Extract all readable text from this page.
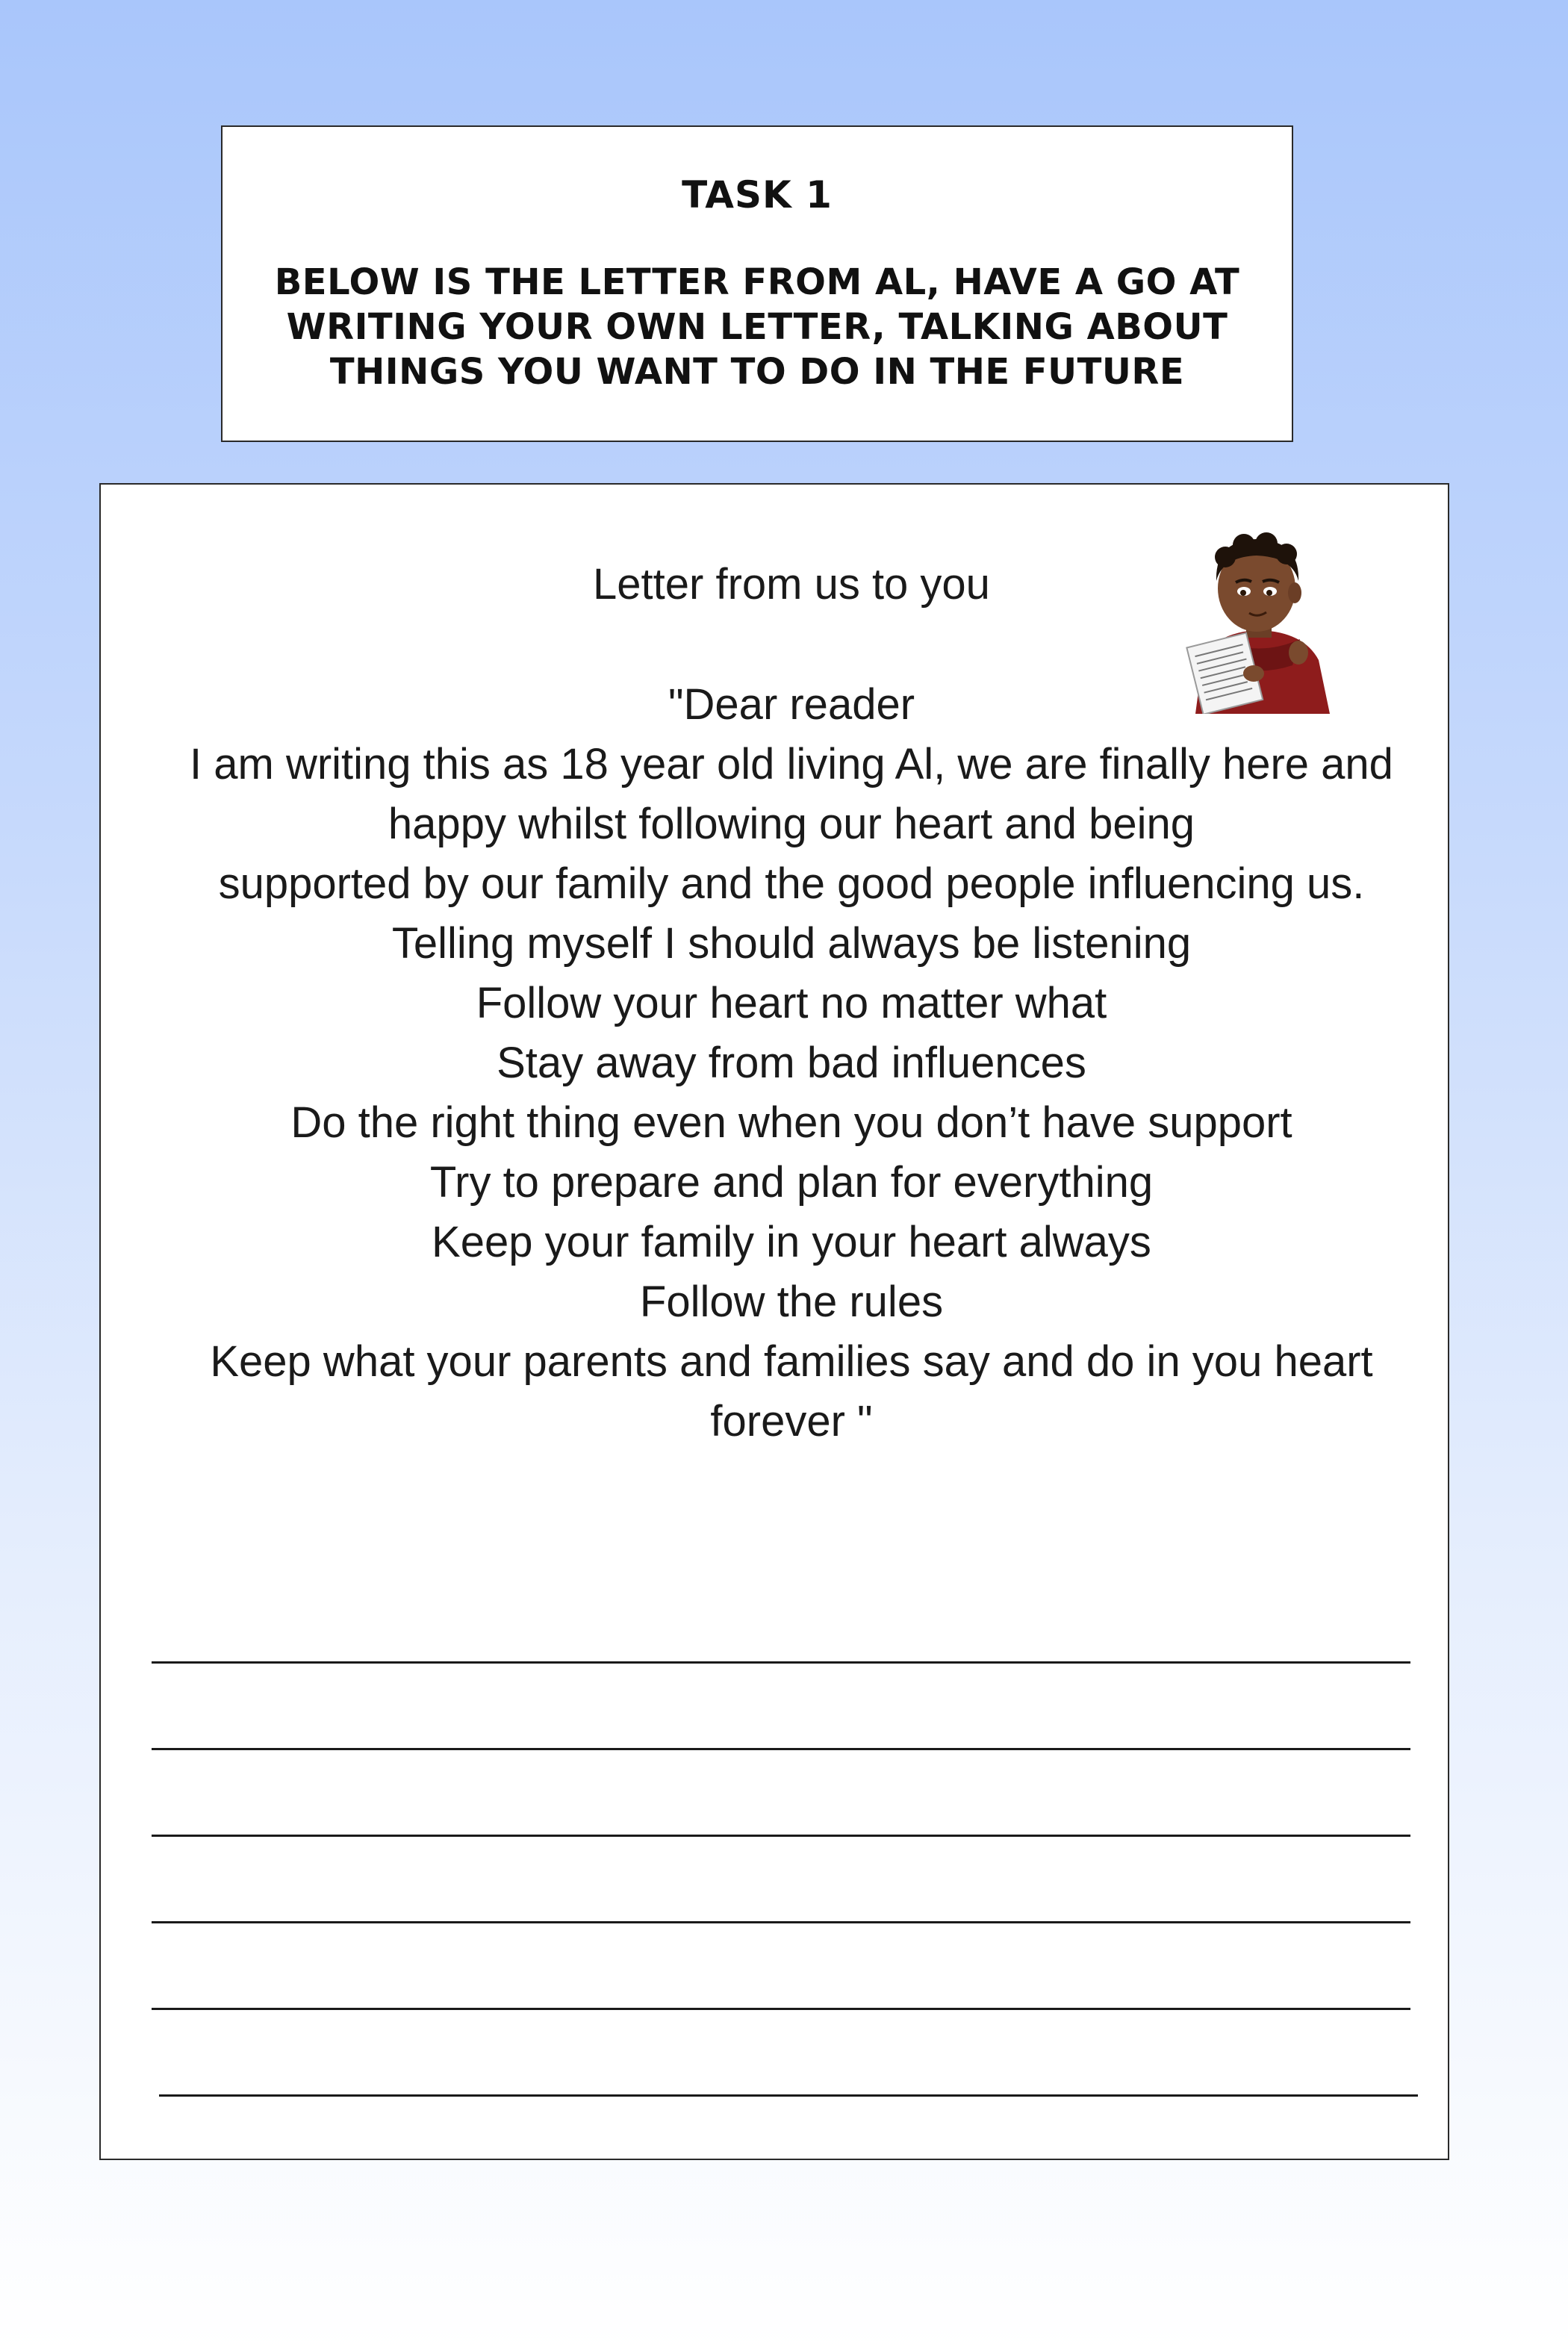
TASK 1
BELOW IS THE LETTER FROM AL, HAVE A GO AT
WRITING YOUR OWN LETTER, TALKING ABOUT
THINGS YOU WANT TO DO IN THE FUTURE
Letter from us to you
"Dear reader
I am writing this as 18 year old living Al, we are finally here and
happy whilst following our heart and being
supported by our family and the good people influencing us.
Telling myself I should always be listening
Follow your heart no matter what
Stay away from bad influences
Do the right thing even when you don’t have support
Try to prepare and plan for everything
Keep your family in your heart always
Follow the rules
Keep what your parents and families say and do in you heart
forever "
